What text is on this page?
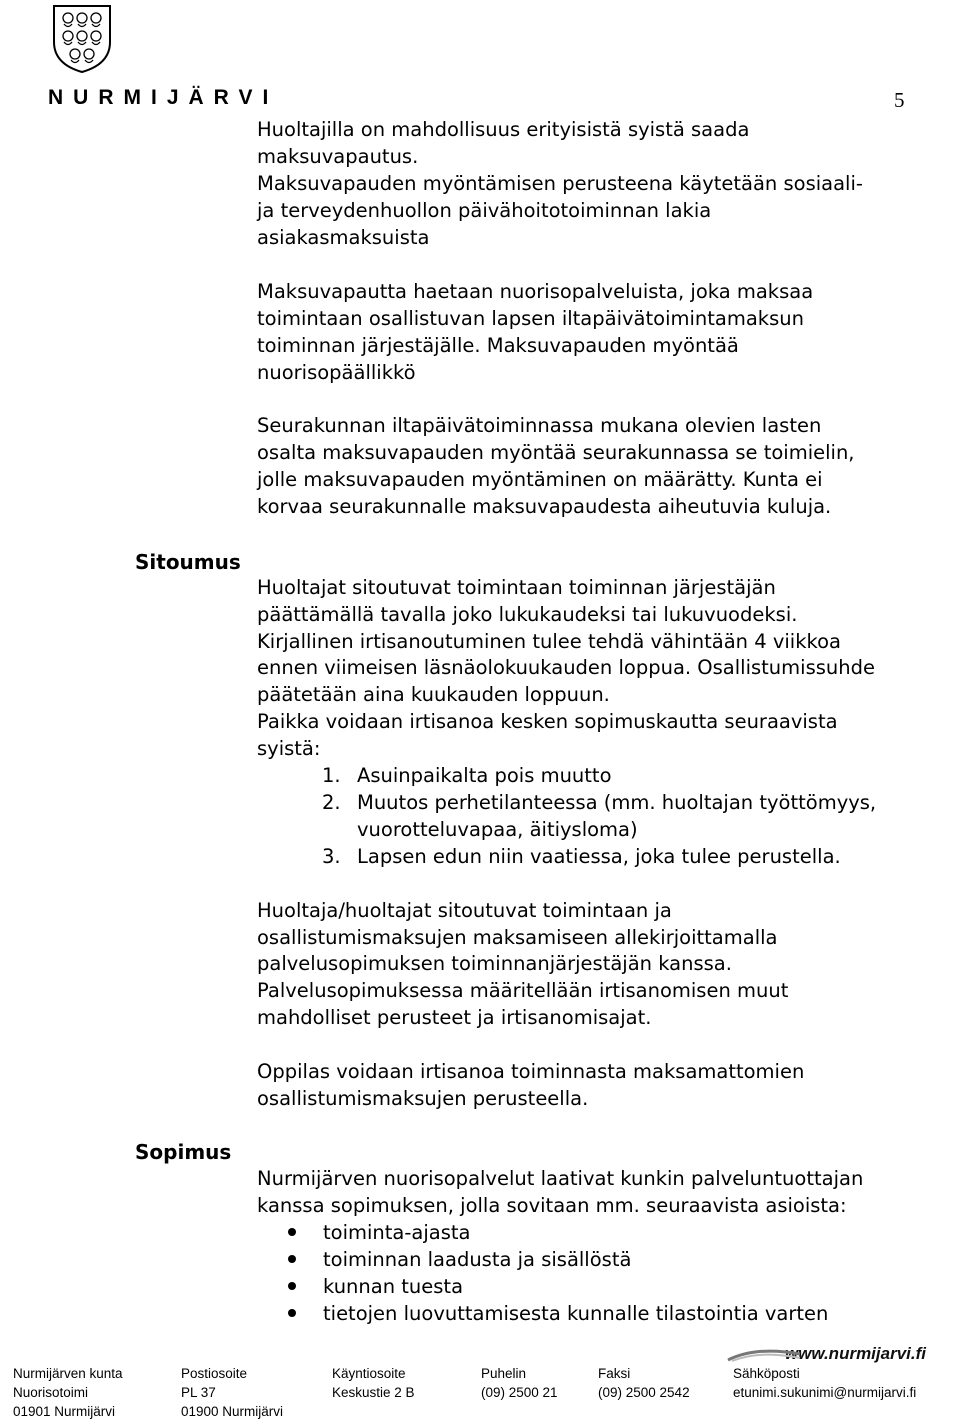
NURMIJÄRVI	5
Huoltajilla on mahdollisuus erityisistä syistä saada
maksuvapautus.
Maksuvapauden myöntämisen perusteena käytetään sosiaali-
ja terveydenhuollon päivähoitotoiminnan lakia
asiakasmaksuista
Maksuvapautta haetaan nuorisopalveluista, joka maksaa
toimintaan osallistuvan lapsen iltapäivätoimintamaksun
toiminnan järjestäjälle. Maksuvapauden myöntää
nuorisopäällikkö
Seurakunnan iltapäivätoiminnassa mukana olevien lasten
osalta maksuvapauden myöntää seurakunnassa se toimielin,
jolle maksuvapauden myöntäminen on määrätty. Kunta ei
korvaa seurakunnalle maksuvapaudesta aiheutuvia kuluja.
Sitoumus
Huoltajat sitoutuvat toimintaan toiminnan järjestäjän
päättämällä tavalla joko lukukaudeksi tai lukuvuodeksi.
Kirjallinen irtisanoutuminen tulee tehdä vähintään 4 viikkoa
ennen viimeisen läsnäolokuukauden loppua. Osallistumissuhde
päätetään aina kuukauden loppuun.
Paikka voidaan irtisanoa kesken sopimuskautta seuraavista
syistä:
1. Asuinpaikalta pois muutto
2. Muutos perhetilanteessa (mm. huoltajan työttömyys,
vuorotteluvapaa, äitiysloma)
3. Lapsen edun niin vaatiessa, joka tulee perustella.
Huoltaja/huoltajat sitoutuvat toimintaan ja
osallistumismaksujen maksamiseen allekirjoittamalla
palvelusopimuksen toiminnanjärjestäjän kanssa.
Palvelusopimuksessa määritellään irtisanomisen muut
mahdolliset perusteet ja irtisanomisajat.
Oppilas voidaan irtisanoa toiminnasta maksamattomien
osallistumismaksujen perusteella.
Sopimus
Nurmijärven nuorisopalvelut laativat kunkin palveluntuottajan
kanssa sopimuksen, jolla sovitaan mm. seuraavista asioista:
toiminta-ajasta
toiminnan laadusta ja sisällöstä
kunnan tuesta
tietojen luovuttamisesta kunnalle tilastointia varten
www.nurmijarvi.fi
Nurmijärven kunta
Nuorisotoimi
01901 Nurmijärvi
Postiosoite
PL 37
01900 Nurmijärvi
Käyntiosoite
Keskustie 2 B
Puhelin
(09) 2500 21
Faksi
(09) 2500 2542
Sähköposti
etunimi.sukunimi@nurmijarvi.fi
